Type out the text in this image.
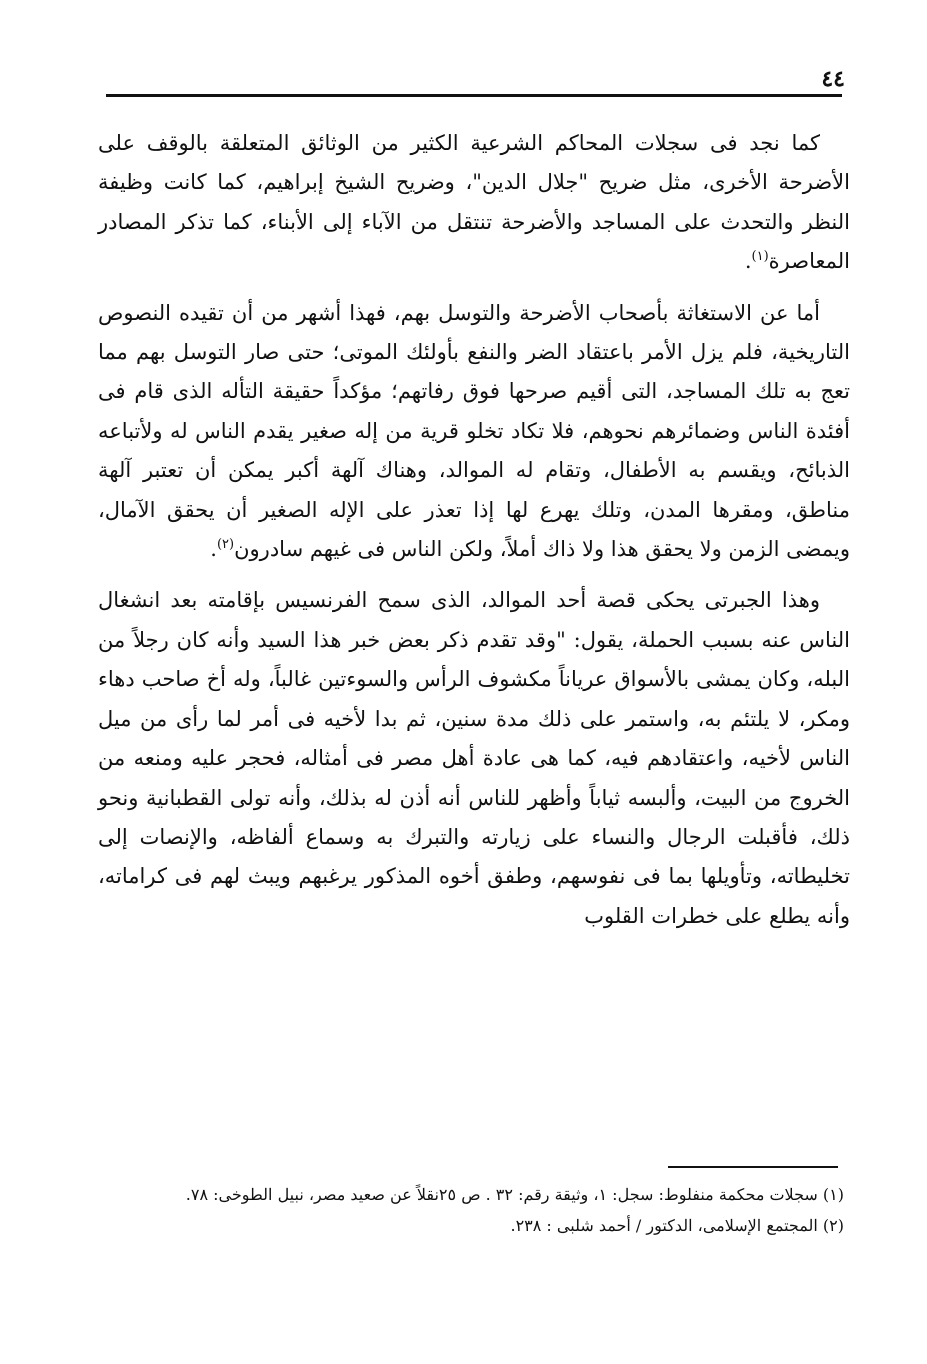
٤٤

كما نجد فى سجلات المحاكم الشرعية الكثير من الوثائق المتعلقة بالوقف على الأضرحة الأخرى، مثل ضريح "جلال الدين"، وضريح الشيخ إبراهيم، كما كانت وظيفة النظر والتحدث على المساجد والأضرحة تنتقل من الآباء إلى الأبناء، كما تذكر المصادر المعاصرة$^{(١)}$.

أما عن الاستغاثة بأصحاب الأضرحة والتوسل بهم، فهذا أشهر من أن تقيده النصوص التاريخية، فلم يزل الأمر باعتقاد الضر والنفع بأولئك الموتى؛ حتى صار التوسل بهم مما تعج به تلك المساجد، التى أقيم صرحها فوق رفاتهم؛ مؤكداً حقيقة التأله الذى قام فى أفئدة الناس وضمائرهم نحوهم، فلا تكاد تخلو قرية من إله صغير يقدم الناس له ولأتباعه الذبائح، ويقسم به الأطفال، وتقام له الموالد، وهناك آلهة أكبر يمكن أن تعتبر آلهة مناطق، ومقرها المدن، وتلك يهرع لها إذا تعذر على الإله الصغير أن يحقق الآمال، ويمضى الزمن ولا يحقق هذا ولا ذاك أملاً، ولكن الناس فى غيهم سادرون$^{(٢)}$.

وهذا الجبرتى يحكى قصة أحد الموالد، الذى سمح الفرنسيس بإقامته بعد انشغال الناس عنه بسبب الحملة، يقول: "وقد تقدم ذكر بعض خبر هذا السيد وأنه كان رجلاً من البله، وكان يمشى بالأسواق عرياناً مكشوف الرأس والسوءتين غالباً، وله أخ صاحب دهاء ومكر، لا يلتئم به، واستمر على ذلك مدة سنين، ثم بدا لأخيه فى أمر لما رأى من ميل الناس لأخيه، واعتقادهم فيه، كما هى عادة أهل مصر فى أمثاله، فحجر عليه ومنعه من الخروج من البيت، وألبسه ثياباً وأظهر للناس أنه أذن له بذلك، وأنه تولى القطبانية ونحو ذلك، فأقبلت الرجال والنساء على زيارته والتبرك به وسماع ألفاظه، والإنصات إلى تخليطاته، وتأويلها بما فى نفوسهم، وطفق أخوه المذكور يرغبهم ويبث لهم فى كراماته، وأنه يطلع على خطرات القلوب

(١) سجلات محكمة منفلوط: سجل: ١، وثيقة رقم: ٣٢ . ص ٢٥نقلاً عن صعيد مصر، نبيل الطوخى: ٧٨.

(٢) المجتمع الإسلامى، الدكتور / أحمد شلبى : ٢٣٨.
